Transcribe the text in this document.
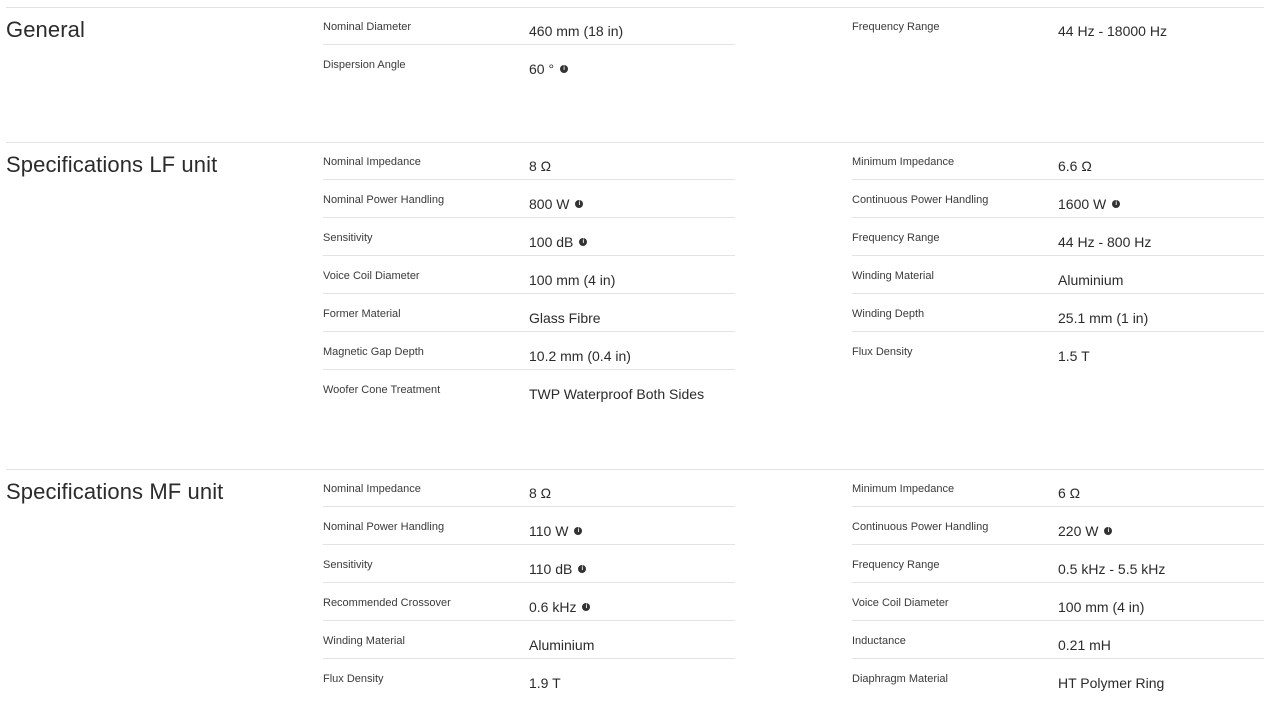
General	Nominal Diameter	460 mm (18 in)
Dispersion Angle	60 ° i
Frequency Range	44 Hz - 18000 Hz
Specifications LF unit	Nominal Impedance	8 Ω
Nominal Power Handling	800 W i
Sensitivity	100 dB i
Voice Coil Diameter	100 mm (4 in)
Former Material	Glass Fibre
Magnetic Gap Depth	10.2 mm (0.4 in)
Woofer Cone Treatment	TWP Waterproof Both Sides
Minimum Impedance	6.6 Ω
Continuous Power Handling	1600 W i
Frequency Range	44 Hz - 800 Hz
Winding Material	Aluminium
Winding Depth	25.1 mm (1 in)
Flux Density	1.5 T
Specifications MF unit	Nominal Impedance	8 Ω
Nominal Power Handling	110 W i
Sensitivity	110 dB i
Recommended Crossover	0.6 kHz i
Winding Material	Aluminium
Flux Density	1.9 T
Minimum Impedance	6 Ω
Continuous Power Handling	220 W i
Frequency Range	0.5 kHz - 5.5 kHz
Voice Coil Diameter	100 mm (4 in)
Inductance	0.21 mH
Diaphragm Material	HT Polymer Ring
